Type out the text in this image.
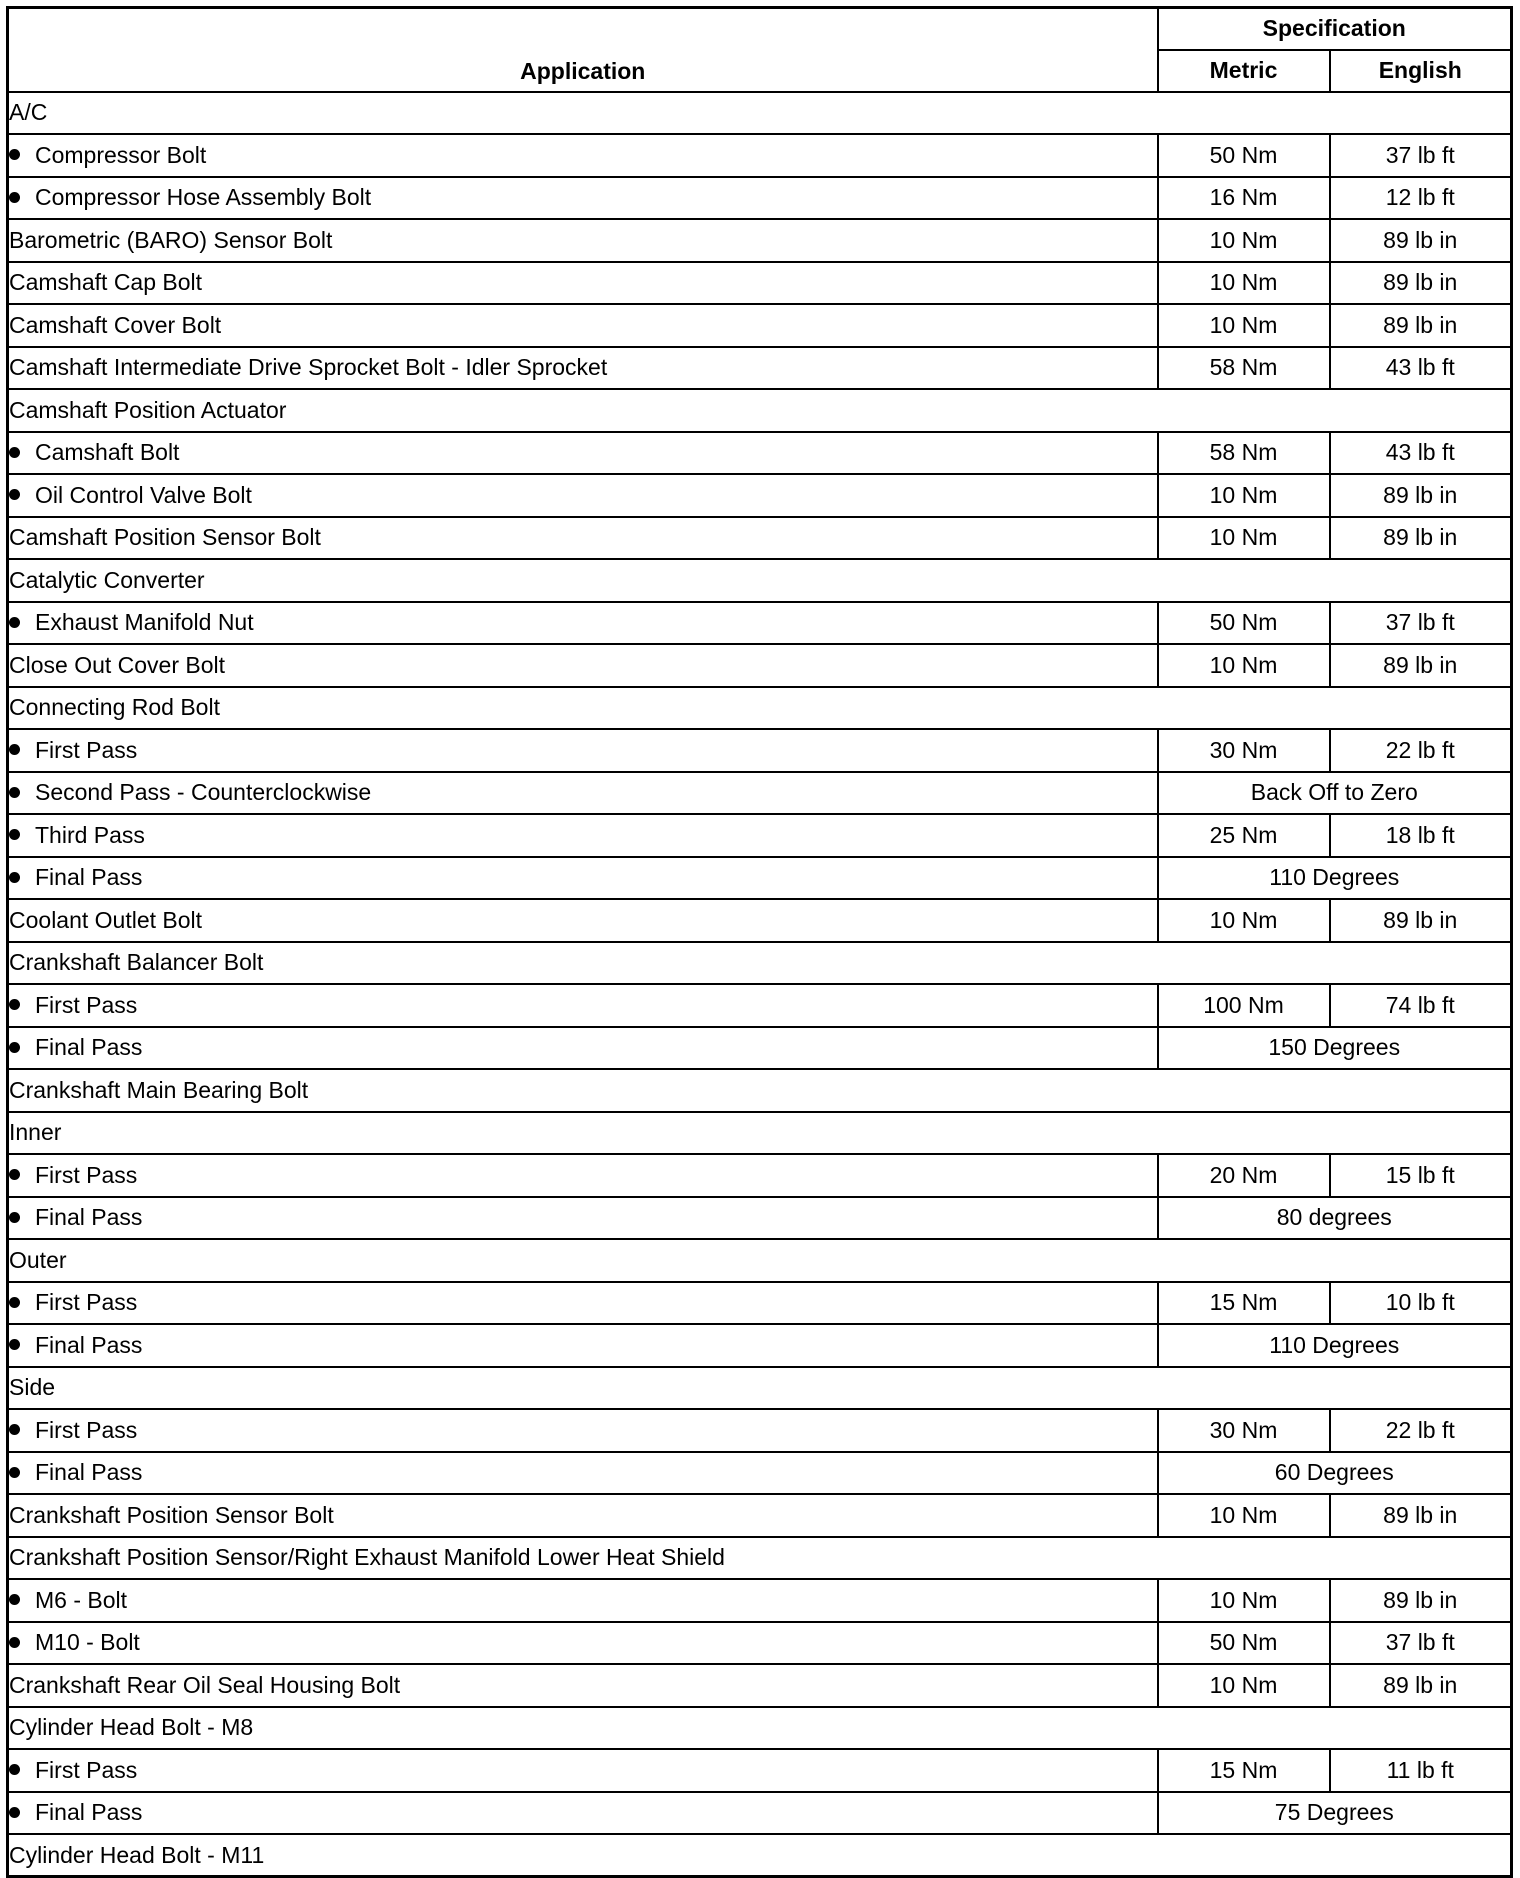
Application	Specification	
	Metric	English
A/C		
Compressor Bolt	50 Nm	37 lb ft
Compressor Hose Assembly Bolt	16 Nm	12 lb ft
Barometric (BARO) Sensor Bolt	10 Nm	89 lb in
Camshaft Cap Bolt	10 Nm	89 lb in
Camshaft Cover Bolt	10 Nm	89 lb in
Camshaft Intermediate Drive Sprocket Bolt - Idler Sprocket	58 Nm	43 lb ft
Camshaft Position Actuator		
Camshaft Bolt	58 Nm	43 lb ft
Oil Control Valve Bolt	10 Nm	89 lb in
Camshaft Position Sensor Bolt	10 Nm	89 lb in
Catalytic Converter		
Exhaust Manifold Nut	50 Nm	37 lb ft
Close Out Cover Bolt	10 Nm	89 lb in
Connecting Rod Bolt		
First Pass	30 Nm	22 lb ft
Second Pass - Counterclockwise	Back Off to Zero	
Third Pass	25 Nm	18 lb ft
Final Pass	110 Degrees	
Coolant Outlet Bolt	10 Nm	89 lb in
Crankshaft Balancer Bolt		
First Pass	100 Nm	74 lb ft
Final Pass	150 Degrees	
Crankshaft Main Bearing Bolt		
Inner		
First Pass	20 Nm	15 lb ft
Final Pass	80 degrees	
Outer		
First Pass	15 Nm	10 lb ft
Final Pass	110 Degrees	
Side		
First Pass	30 Nm	22 lb ft
Final Pass	60 Degrees	
Crankshaft Position Sensor Bolt	10 Nm	89 lb in
Crankshaft Position Sensor/Right Exhaust Manifold Lower Heat Shield		
M6 - Bolt	10 Nm	89 lb in
M10 - Bolt	50 Nm	37 lb ft
Crankshaft Rear Oil Seal Housing Bolt	10 Nm	89 lb in
Cylinder Head Bolt - M8		
First Pass	15 Nm	11 lb ft
Final Pass	75 Degrees	
Cylinder Head Bolt - M11		
